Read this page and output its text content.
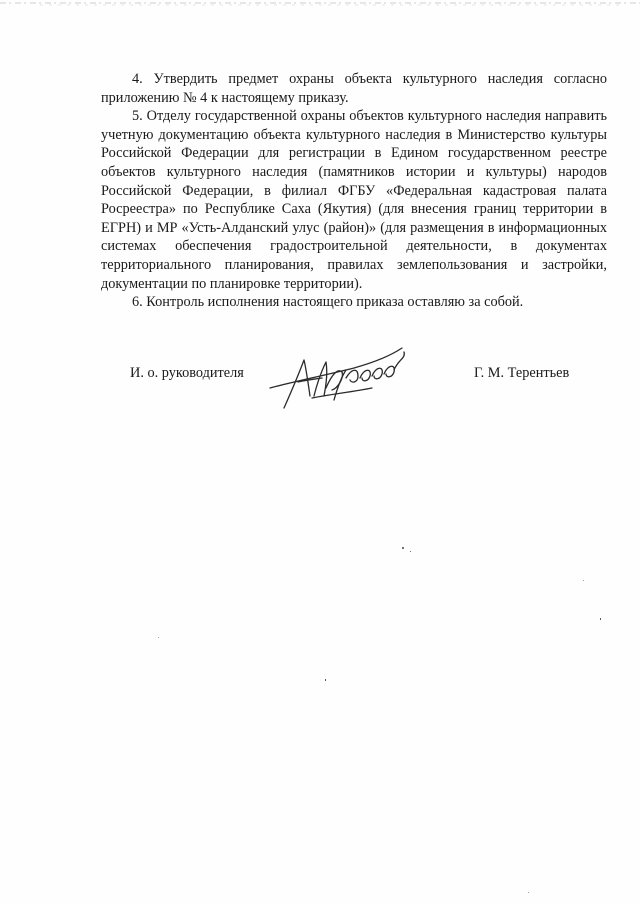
4. Утвердить предмет охраны объекта культурного наследия согласно приложению № 4 к настоящему приказу.

5. Отделу государственной охраны объектов культурного наследия направить учетную документацию объекта культурного наследия в Министерство культуры Российской Федерации для регистрации в Едином государственном реестре объектов культурного наследия (памятников истории и культуры) народов Российской Федерации, в филиал ФГБУ «Федеральная кадастровая палата Росреестра» по Республике Саха (Якутия) (для внесения границ территории в ЕГРН) и МР «Усть-Алданский улус (район)» (для размещения в информационных системах обеспечения градостроительной деятельности, в документах территориального планирования, правилах землепользования и застройки, документации по планировке территории).

6. Контроль исполнения настоящего приказа оставляю за собой.

И. о. руководителя	Г. М. Терентьев
